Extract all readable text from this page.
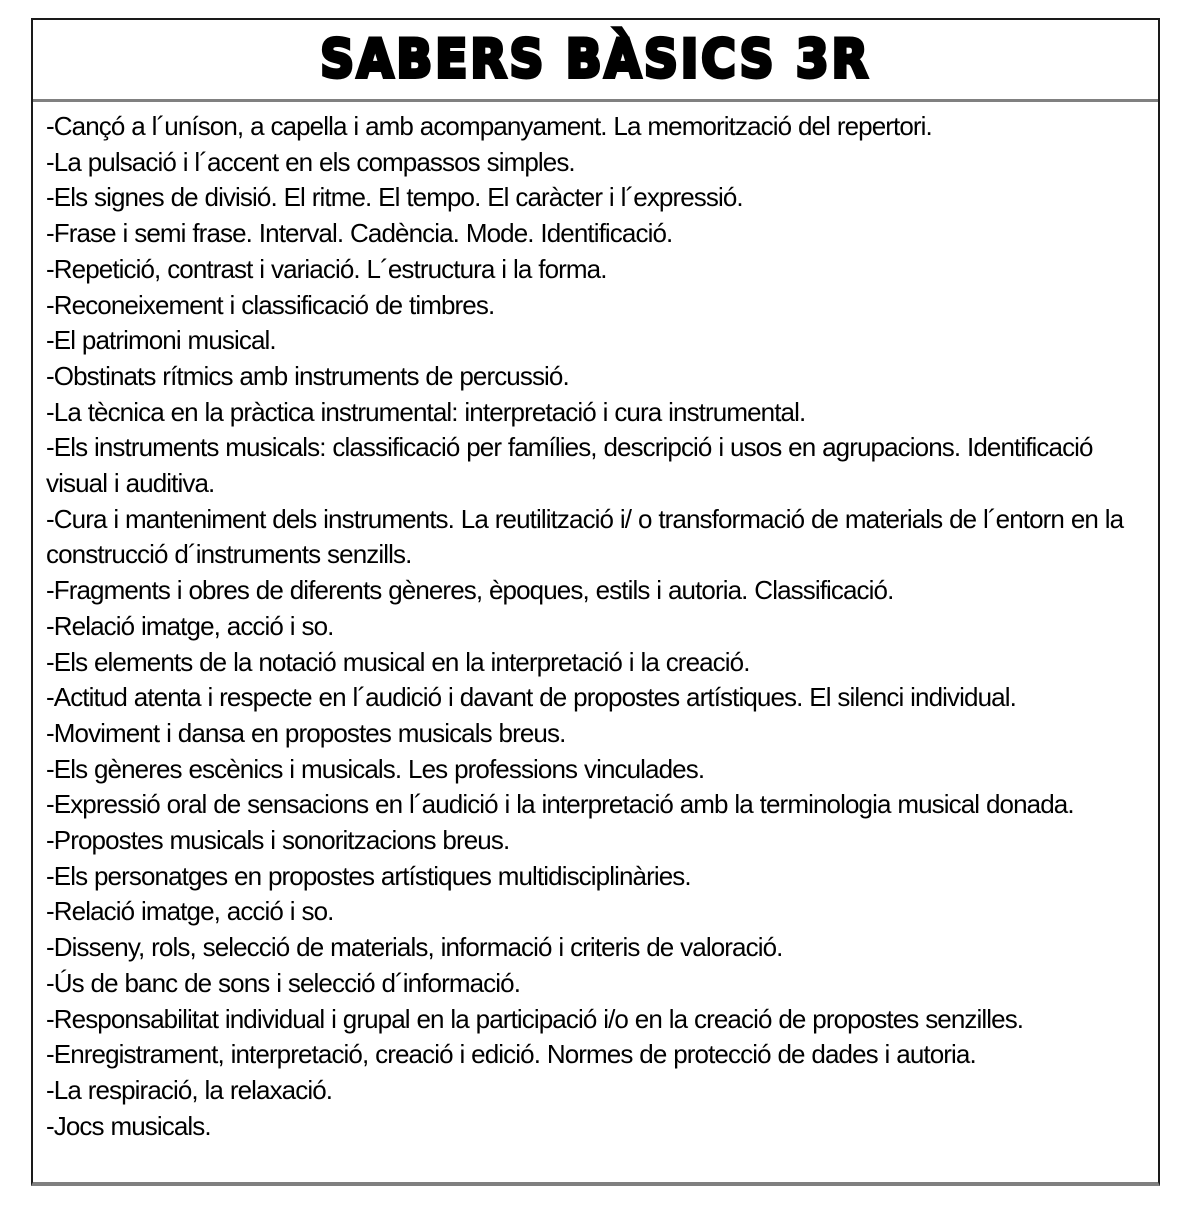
SABERS BÀSICS 3R

-Cançó a l´uníson, a capella i amb acompanyament. La memorització del repertori.

-La pulsació i l´accent en els compassos simples.

-Els signes de divisió. El ritme. El tempo. El caràcter i l´expressió.

-Frase i semi frase. Interval. Cadència. Mode. Identificació.

-Repetició, contrast i variació. L´estructura i la forma.

-Reconeixement i classificació de timbres.

-El patrimoni musical.

-Obstinats rítmics amb instruments de percussió.

-La tècnica en la pràctica instrumental: interpretació i cura instrumental.

-Els instruments musicals: classificació per famílies, descripció i usos en agrupacions. Identificació visual i auditiva.

-Cura i manteniment dels instruments. La reutilització i/ o transformació de materials de l´entorn en la construcció d´instruments senzills.

-Fragments i obres de diferents gèneres, èpoques, estils i autoria. Classificació.

-Relació imatge, acció i so.

-Els elements de la notació musical en la interpretació i la creació.

-Actitud atenta i respecte en l´audició i davant de propostes artístiques. El silenci individual.

-Moviment i dansa en propostes musicals breus.

-Els gèneres escènics i musicals. Les professions vinculades.

-Expressió oral de sensacions en l´audició i la interpretació amb la terminologia musical donada.

-Propostes musicals i sonoritzacions breus.

-Els personatges en propostes artístiques multidisciplinàries.

-Relació imatge, acció i so.

-Disseny, rols, selecció de materials, informació i criteris de valoració.

-Ús de banc de sons i selecció d´informació.

-Responsabilitat individual i grupal en la participació i/o en la creació de propostes senzilles.

-Enregistrament, interpretació, creació i edició. Normes de protecció de dades i autoria.

-La respiració, la relaxació.

-Jocs musicals.
